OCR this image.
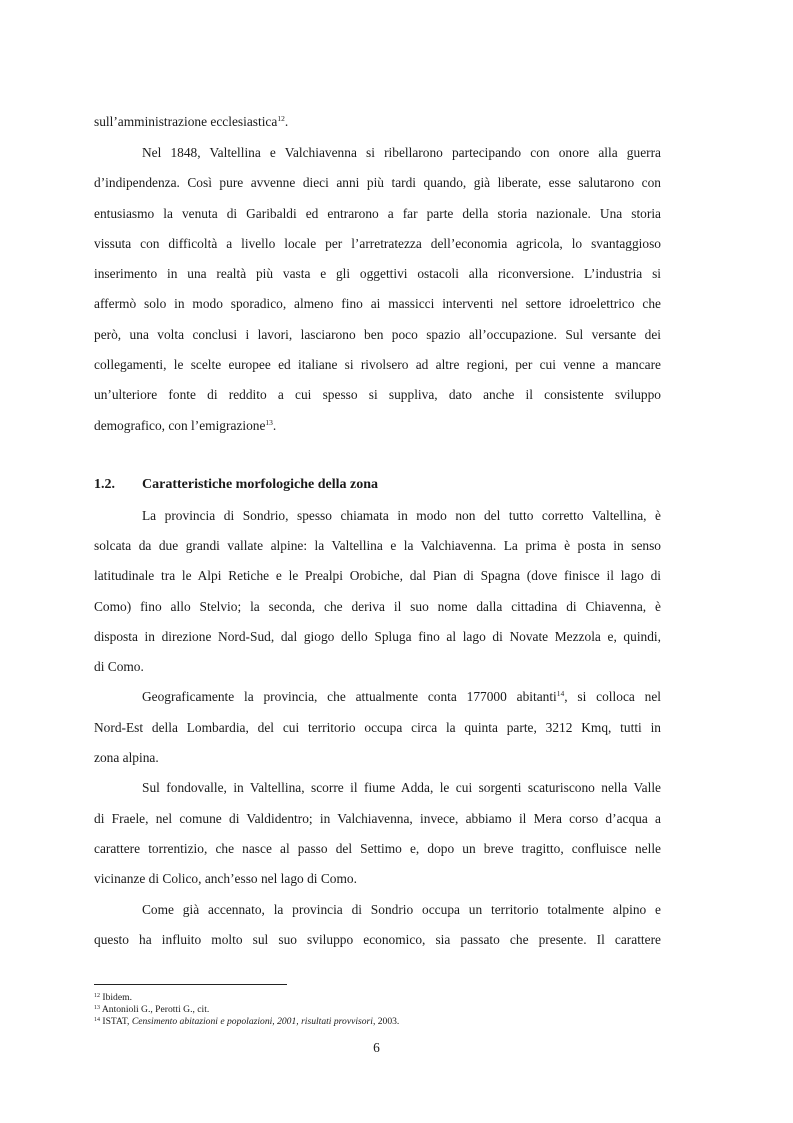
sull’amministrazione ecclesiastica$^{12}$.
Nel 1848, Valtellina e Valchiavenna si ribellarono partecipando con onore alla guerra
d’indipendenza. Così pure avvenne dieci anni più tardi quando, già liberate, esse salutarono con
entusiasmo la venuta di Garibaldi ed entrarono a far parte della storia nazionale. Una storia
vissuta con difficoltà a livello locale per l’arretratezza dell’economia agricola, lo svantaggioso
inserimento in una realtà più vasta e gli oggettivi ostacoli alla riconversione. L’industria si
affermò solo in modo sporadico, almeno fino ai massicci interventi nel settore idroelettrico che
però, una volta conclusi i lavori, lasciarono ben poco spazio all’occupazione. Sul versante dei
collegamenti, le scelte europee ed italiane si rivolsero ad altre regioni, per cui venne a mancare
un’ulteriore fonte di reddito a cui spesso si suppliva, dato anche il consistente sviluppo
demografico, con l’emigrazione$^{13}$.
1.2. Caratteristiche morfologiche della zona
La provincia di Sondrio, spesso chiamata in modo non del tutto corretto Valtellina, è
solcata da due grandi vallate alpine: la Valtellina e la Valchiavenna. La prima è posta in senso
latitudinale tra le Alpi Retiche e le Prealpi Orobiche, dal Pian di Spagna (dove finisce il lago di
Como) fino allo Stelvio; la seconda, che deriva il suo nome dalla cittadina di Chiavenna, è
disposta in direzione Nord-Sud, dal giogo dello Spluga fino al lago di Novate Mezzola e, quindi,
di Como.
Geograficamente la provincia, che attualmente conta 177000 abitanti$^{14}$, si colloca nel
Nord-Est della Lombardia, del cui territorio occupa circa la quinta parte, 3212 Kmq, tutti in
zona alpina.
Sul fondovalle, in Valtellina, scorre il fiume Adda, le cui sorgenti scaturiscono nella Valle
di Fraele, nel comune di Valdidentro; in Valchiavenna, invece, abbiamo il Mera corso d’acqua a
carattere torrentizio, che nasce al passo del Settimo e, dopo un breve tragitto, confluisce nelle
vicinanze di Colico, anch’esso nel lago di Como.
Come già accennato, la provincia di Sondrio occupa un territorio totalmente alpino e
questo ha influito molto sul suo sviluppo economico, sia passato che presente. Il carattere
$^{12}$ Ibidem.
$^{13}$ Antonioli G., Perotti G., cit.
$^{14}$ ISTAT, Censimento abitazioni e popolazioni, 2001, risultati provvisori, 2003.
6
